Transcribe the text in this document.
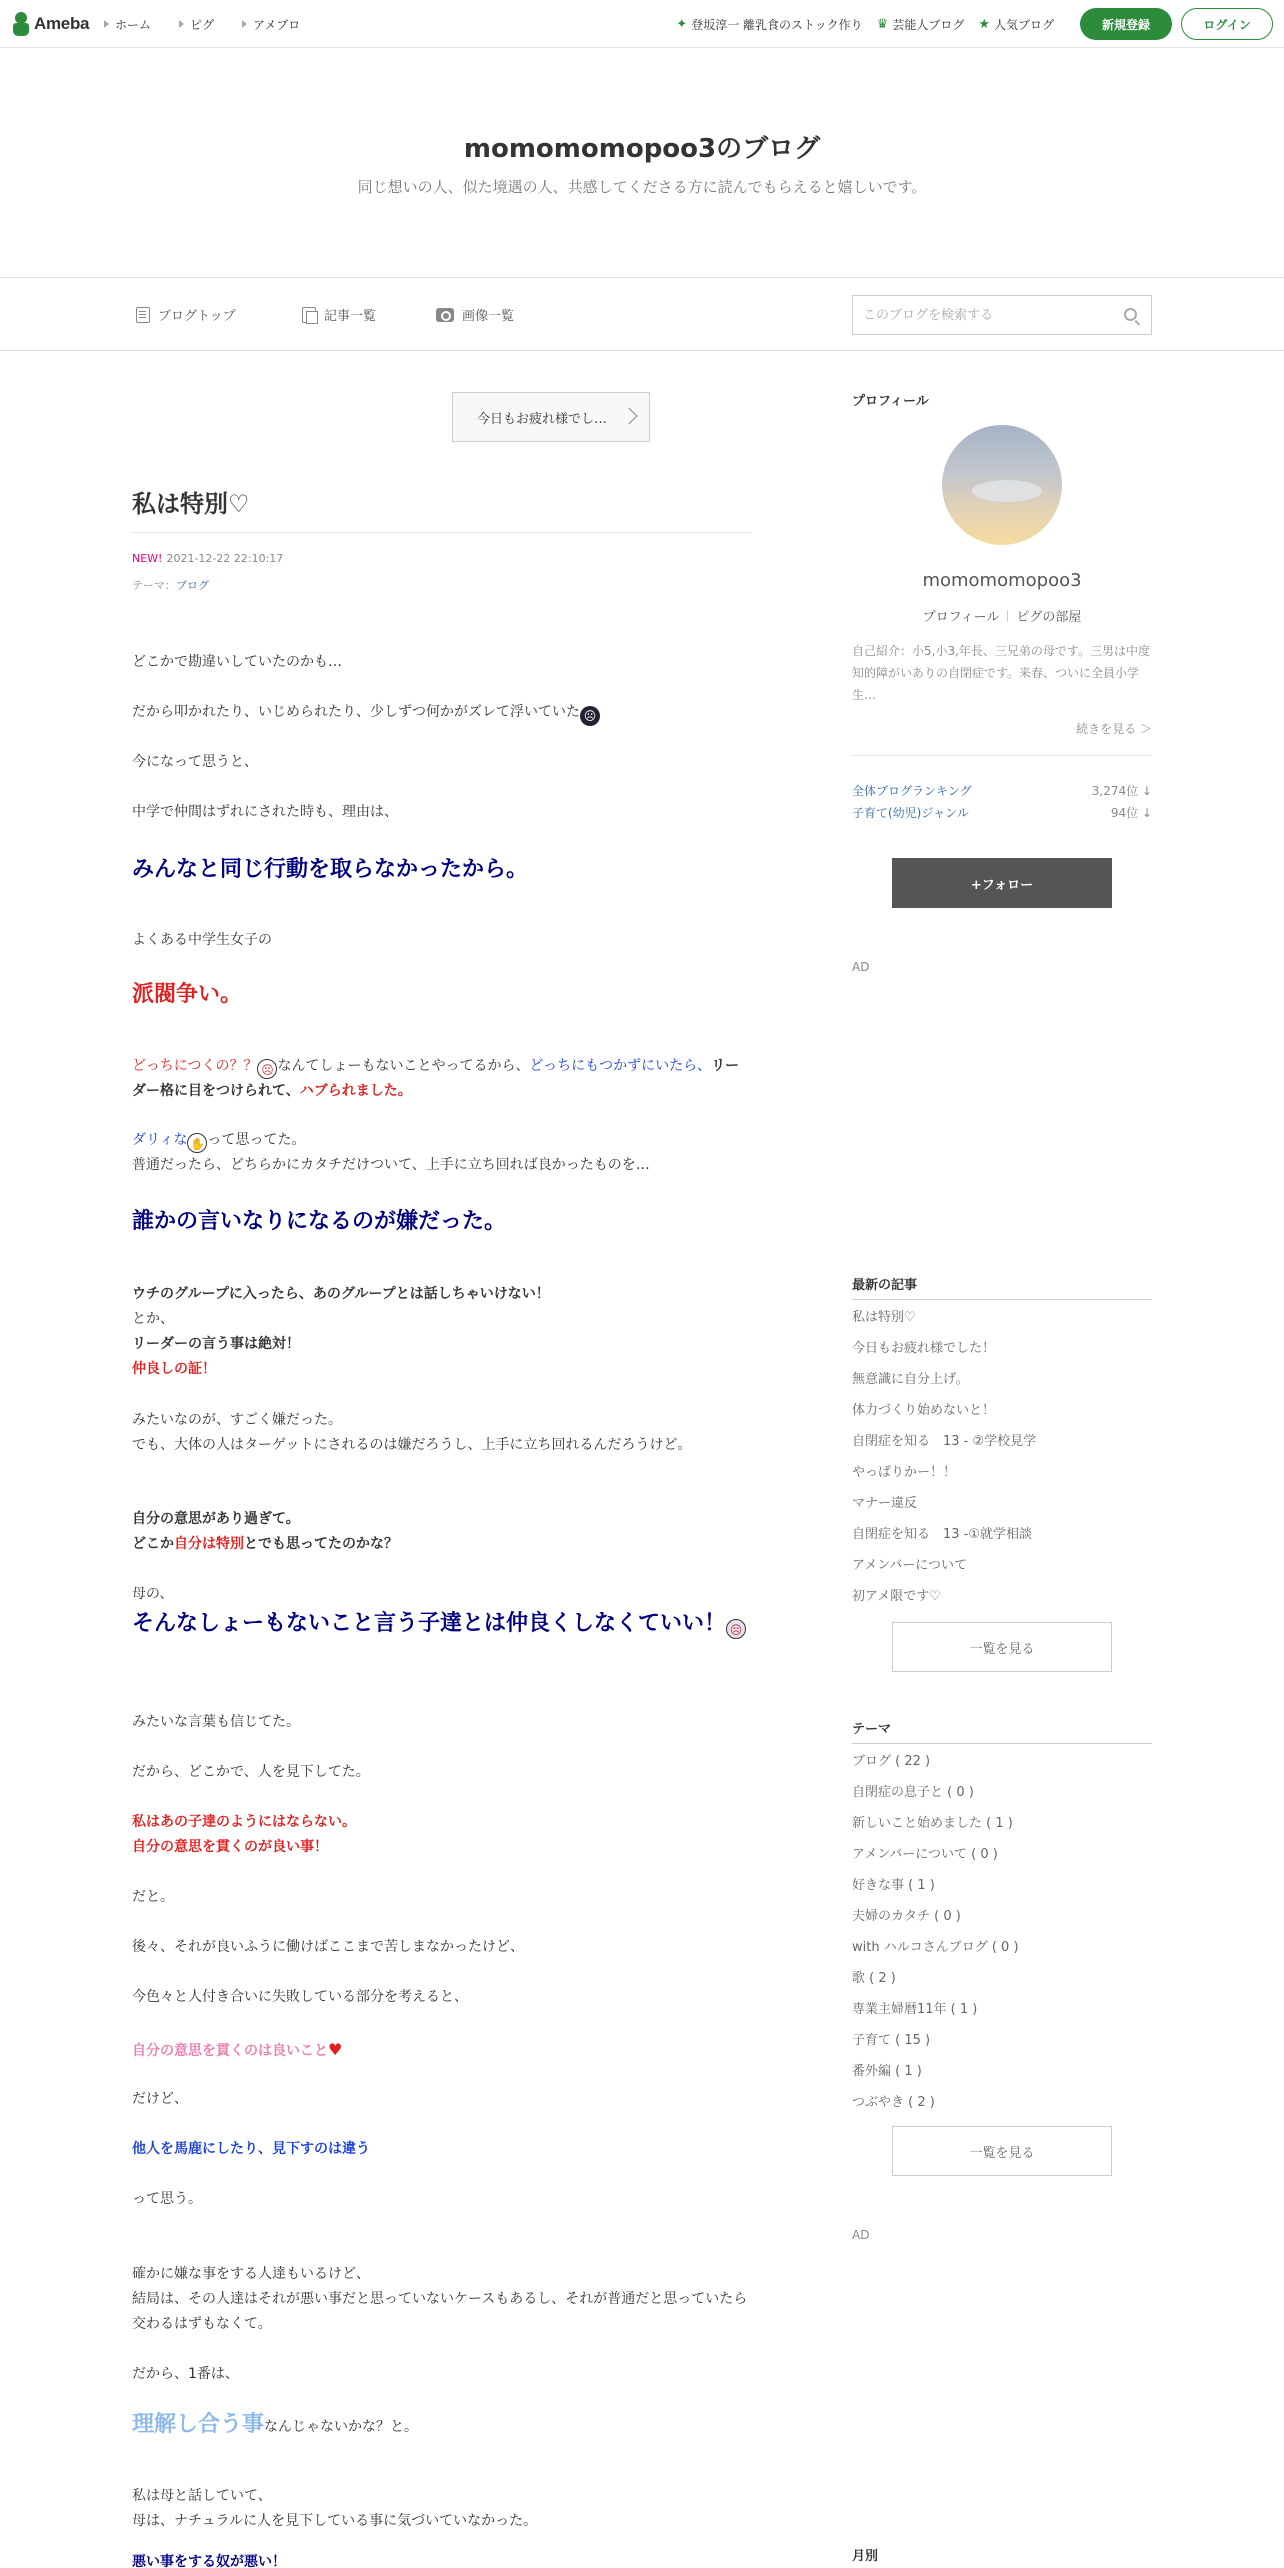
Ameba ホーム	ピグ	アメブロ	✦ 登坂淳一 離乳食のストック作り ♛ 芸能人ブログ ★ 人気ブログ	新規登録	ログイン
momomomopoo3のブログ
同じ想いの人、似た境遇の人、共感してくださる方に読んでもらえると嬉しいです。
ブログトップ	記事一覧	画像一覧
このブログを検索する
今日もお疲れ様でし…
私は特別♡
NEW! 2021-12-22 22:10:17
テーマ：ブログ
どこかで勘違いしていたのかも…
だから叩かれたり、いじめられたり、少しずつ何かがズレて浮いていた ☹
今になって思うと、
中学で仲間はずれにされた時も、理由は、
みんなと同じ行動を取らなかったから。
よくある中学生女子の
派閥争い。
どっちにつくの？？ ☹ なんてしょーもないことやってるから、どっちにもつかずにいたら、リーダー格に目をつけられて、ハブられました。
ダリィな ✋ って思ってた。
普通だったら、どちらかにカタチだけついて、上手に立ち回れば良かったものを…
誰かの言いなりになるのが嫌だった。
ウチのグループに入ったら、あのグループとは話しちゃいけない！
とか、
リーダーの言う事は絶対！
仲良しの証！
みたいなのが、すごく嫌だった。
でも、大体の人はターゲットにされるのは嫌だろうし、上手に立ち回れるんだろうけど。
自分の意思があり過ぎて。
どこか自分は特別とでも思ってたのかな？
母の、
そんなしょーもないこと言う子達とは仲良くしなくていい！ ☹
みたいな言葉も信じてた。
だから、どこかで、人を見下してた。
私はあの子達のようにはならない。
自分の意思を貫くのが良い事！
だと。
後々、それが良いふうに働けばここまで苦しまなかったけど、
今色々と人付き合いに失敗している部分を考えると、
自分の意思を貫くのは良いこと♥
だけど、
他人を馬鹿にしたり、見下すのは違う
って思う。
確かに嫌な事をする人達もいるけど、
結局は、その人達はそれが悪い事だと思っていないケースもあるし、それが普通だと思っていたら交わるはずもなくて。
だから、1番は、
理解し合う事なんじゃないかな？と。
私は母と話していて、
母は、ナチュラルに人を見下している事に気づいていなかった。
悪い事をする奴が悪い！
プロフィール
momomomopoo3
プロフィール ピグの部屋
自己紹介：小5,小3,年長、三兄弟の母です。三男は中度知的障がいありの自閉症です。来春、ついに全員小学生…
続きを見る ＞
全体ブログランキング	3,274位 ↓
子育て(幼児)ジャンル	94位 ↓
+フォロー
AD
最新の記事
私は特別♡
今日もお疲れ様でした！
無意識に自分上げ。
体力づくり始めないと！
自閉症を知る　13 - ②学校見学
やっぱりかー！！
マナー違反
自閉症を知る　13 -①就学相談
アメンバーについて
初アメ限です♡
一覧を見る
テーマ
ブログ ( 22 )
自閉症の息子と ( 0 )
新しいこと始めました ( 1 )
アメンバーについて ( 0 )
好きな事 ( 1 )
夫婦のカタチ ( 0 )
with ハルコさんブログ ( 0 )
歌 ( 2 )
専業主婦暦11年 ( 1 )
子育て ( 15 )
番外編 ( 1 )
つぶやき ( 2 )
一覧を見る
AD
月別
